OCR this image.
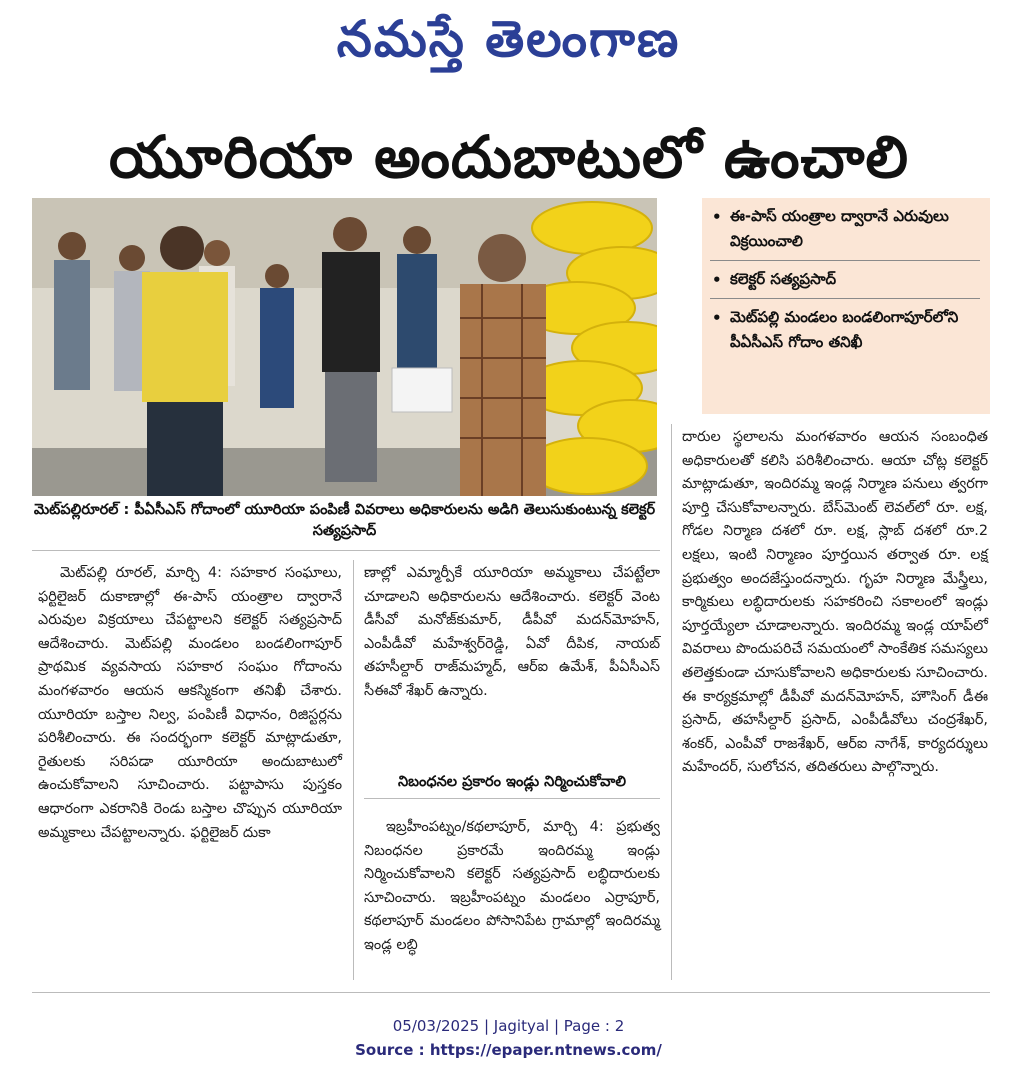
నమస్తే తెలంగాణ
యూరియా అందుబాటులో ఉంచాలి
మెట్‌పల్లిరూరల్ : పీఏసీఎస్ గోదాంలో యూరియా పంపిణీ వివరాలు అధికారులను అడిగి తెలుసుకుంటున్న కలెక్టర్ సత్యప్రసాద్
• ఈ-పాస్ యంత్రాల ద్వారానే ఎరువులు విక్రయించాలి
• కలెక్టర్ సత్యప్రసాద్
• మెట్‌పల్లి మండలం బండలింగాపూర్‌లోని పీఏసీఎస్ గోదాం తనిఖీ

మెట్‌పల్లి రూరల్, మార్చి 4: సహకార సంఘాలు, ఫర్టిలైజర్ దుకాణాల్లో ఈ-పాస్ యంత్రాల ద్వారానే ఎరువుల విక్రయాలు చేపట్టాలని కలెక్టర్ సత్యప్రసాద్ ఆదేశించారు. మెట్‌పల్లి మండలం బండలింగాపూర్ ప్రాథమిక వ్యవసాయ సహకార సంఘం గోదాంను మంగళవారం ఆయన ఆకస్మికంగా తనిఖీ చేశారు. యూరియా బస్తాల నిల్వ, పంపిణీ విధానం, రిజిస్టర్లను పరిశీలించారు. ఈ సందర్భంగా కలెక్టర్ మాట్లాడుతూ, రైతులకు సరిపడా యూరియా అందుబాటులో ఉంచుకోవాలని సూచించారు. పట్టాపాసు పుస్తకం ఆధారంగా ఎకరానికి రెండు బస్తాల చొప్పున యూరియా అమ్మకాలు చేపట్టాలన్నారు. ఫర్టిలైజర్ దుకా

ణాల్లో ఎమ్మార్పీకే యూరియా అమ్మకాలు చేపట్టేలా చూడాలని అధికారులను ఆదేశించారు. కలెక్టర్ వెంట డీసీవో మనోజ్‌కుమార్, డీపీవో మదన్‌మోహన్, ఎంపీడీవో మహేశ్వర్‌రెడ్డి, ఏవో దీపిక, నాయబ్ తహసీల్దార్ రాజ్‌మహ్మద్, ఆర్‌ఐ ఉమేశ్, పీఏసీఎస్ సీఈవో శేఖర్ ఉన్నారు.

నిబంధనల ప్రకారం ఇండ్లు నిర్మించుకోవాలి

ఇబ్రహీంపట్నం/కథలాపూర్, మార్చి 4: ప్రభుత్వ నిబంధనల ప్రకారమే ఇందిరమ్మ ఇండ్లు నిర్మించుకోవాలని కలెక్టర్ సత్యప్రసాద్ లబ్ధిదారులకు సూచించారు. ఇబ్రహీంపట్నం మండలం ఎర్రాపూర్, కథలాపూర్ మండలం పోసానిపేట గ్రామాల్లో ఇందిరమ్మ ఇండ్ల లబ్ధి

దారుల స్థలాలను మంగళవారం ఆయన సంబంధిత అధికారులతో కలిసి పరిశీలించారు. ఆయా చోట్ల కలెక్టర్ మాట్లాడుతూ, ఇందిరమ్మ ఇండ్ల నిర్మాణ పనులు త్వరగా పూర్తి చేసుకోవాలన్నారు. బేస్‌మెంట్ లెవల్‌లో రూ. లక్ష, గోడల నిర్మాణ దశలో రూ. లక్ష, స్లాబ్ దశలో రూ.2 లక్షలు, ఇంటి నిర్మాణం పూర్తయిన తర్వాత రూ. లక్ష ప్రభుత్వం అందజేస్తుందన్నారు. గృహ నిర్మాణ మేస్త్రీలు, కార్మికులు లబ్ధిదారులకు సహకరించి సకాలంలో ఇండ్లు పూర్తయ్యేలా చూడాలన్నారు. ఇందిరమ్మ ఇండ్ల యాప్‌లో వివరాలు పొందుపరిచే సమయంలో సాంకేతిక సమస్యలు తలెత్తకుండా చూసుకోవాలని అధికారులకు సూచించారు. ఈ కార్యక్రమాల్లో డీపీవో మదన్‌మోహన్, హౌసింగ్ డీఈ ప్రసాద్, తహసీల్దార్ ప్రసాద్, ఎంపీడీవోలు చంద్రశేఖర్, శంకర్, ఎంపీవో రాజశేఖర్, ఆర్‌ఐ నాగేశ్, కార్యదర్శులు మహేందర్, సులోచన, తదితరులు పాల్గొన్నారు.

05/03/2025 | Jagityal | Page : 2
Source : https://epaper.ntnews.com/
